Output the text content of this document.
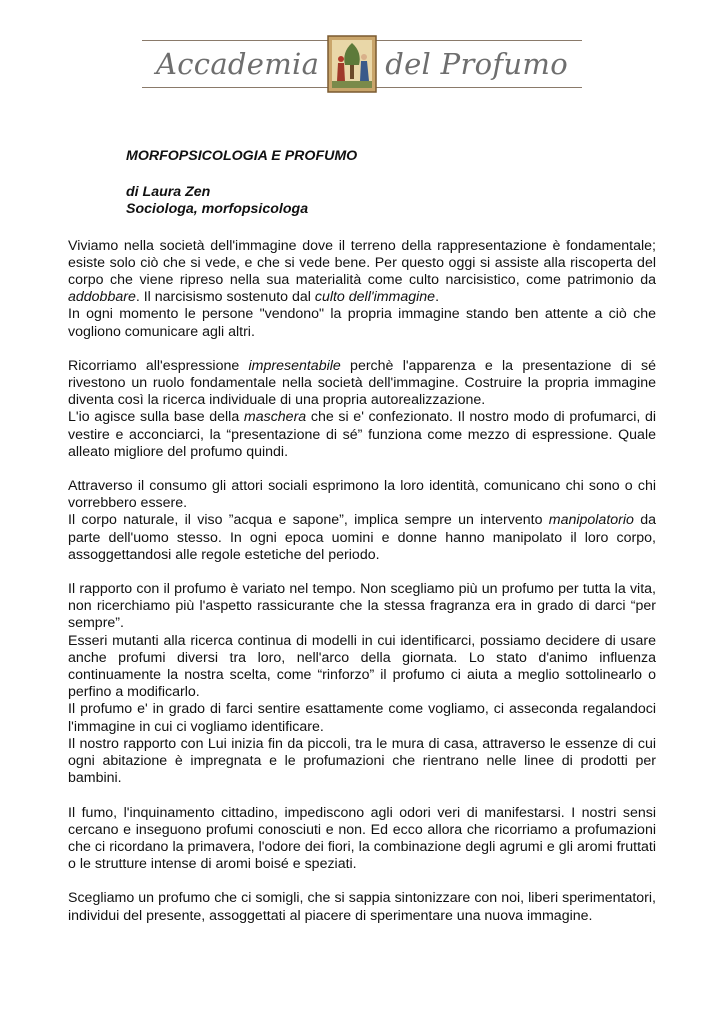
Accademia del Profumo

MORFOPSICOLOGIA E PROFUMO

di Laura Zen

Sociologa, morfopsicologa

Viviamo nella società dell'immagine dove il terreno della rappresentazione è fondamentale; esiste solo ciò che si vede, e che si vede bene. Per questo oggi si assiste alla riscoperta del corpo che viene ripreso nella sua materialità come culto narcisistico, come patrimonio da addobbare. Il narcisismo sostenuto dal culto dell'immagine.

In ogni momento le persone "vendono" la propria immagine stando ben attente a ciò che vogliono comunicare agli altri.

Ricorriamo all'espressione impresentabile perchè l'apparenza e la presentazione di sé rivestono un ruolo fondamentale nella società dell'immagine. Costruire la propria immagine diventa così la ricerca individuale di una propria autorealizzazione.

L'io agisce sulla base della maschera che si e' confezionato. Il nostro modo di profumarci, di vestire e acconciarci, la “presentazione di sé” funziona come mezzo di espressione. Quale alleato migliore del profumo quindi.

Attraverso il consumo gli attori sociali esprimono la loro identità, comunicano chi sono o chi vorrebbero essere.

Il corpo naturale, il viso ”acqua e sapone”, implica sempre un intervento manipolatorio da parte dell'uomo stesso. In ogni epoca uomini e donne hanno manipolato il loro corpo, assoggettandosi alle regole estetiche del periodo.

Il rapporto con il profumo è variato nel tempo. Non scegliamo più un profumo per tutta la vita, non ricerchiamo più l'aspetto rassicurante che la stessa fragranza era in grado di darci “per sempre”.

Esseri mutanti alla ricerca continua di modelli in cui identificarci, possiamo decidere di usare anche profumi diversi tra loro, nell'arco della giornata. Lo stato d'animo influenza continuamente la nostra scelta, come “rinforzo” il profumo ci aiuta a meglio sottolinearlo o perfino a modificarlo.

Il profumo e' in grado di farci sentire esattamente come vogliamo, ci asseconda regalandoci l'immagine in cui ci vogliamo identificare.

Il nostro rapporto con Lui inizia fin da piccoli, tra le mura di casa, attraverso le essenze di cui ogni abitazione è impregnata e le profumazioni che rientrano nelle linee di prodotti per bambini.

Il fumo, l'inquinamento cittadino, impediscono agli odori veri di manifestarsi. I nostri sensi cercano e inseguono profumi conosciuti e non. Ed ecco allora che ricorriamo a profumazioni che ci ricordano la primavera, l'odore dei fiori, la combinazione degli agrumi e gli aromi fruttati o le strutture intense di aromi boisé e speziati.

Scegliamo un profumo che ci somigli, che si sappia sintonizzare con noi, liberi sperimentatori, individui del presente, assoggettati al piacere di sperimentare una nuova immagine.
